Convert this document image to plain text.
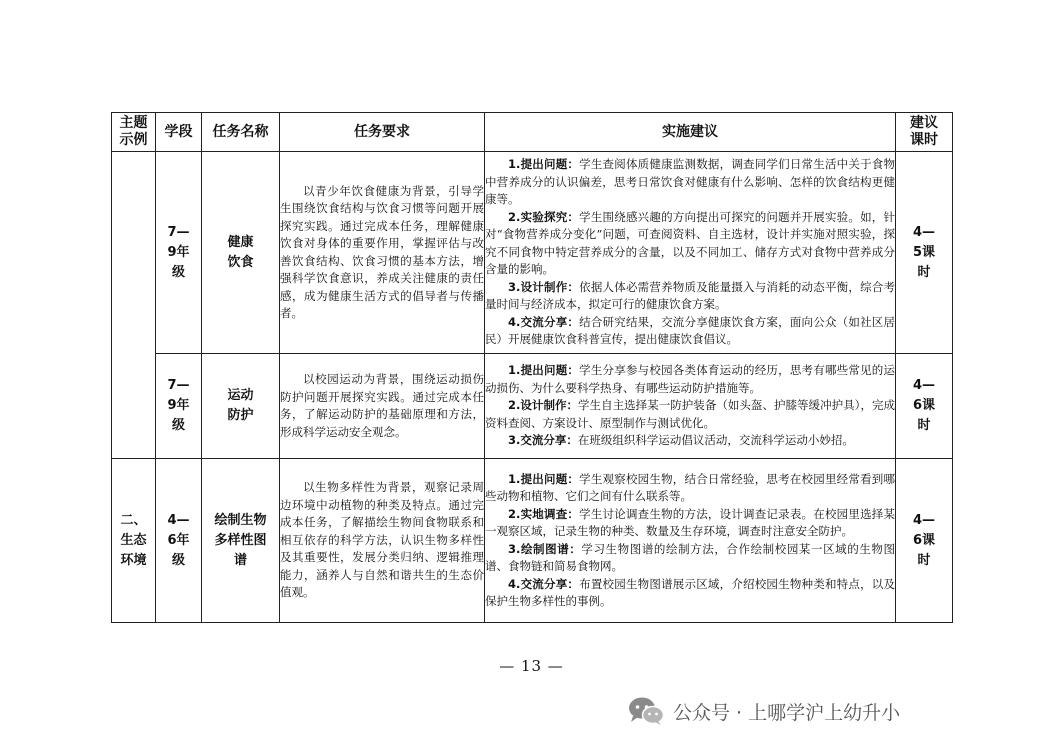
主题示例	学段	任务名称	任务要求	实施建议	建议课时
	7—9年级	健康饮食	以青少年饮食健康为背景，引导学生围绕饮食结构与饮食习惯等问题开展探究实践。通过完成本任务，理解健康饮食对身体的重要作用，掌握评估与改善饮食结构、饮食习惯的基本方法，增强科学饮食意识，养成关注健康的责任感，成为健康生活方式的倡导者与传播者。	1.提出问题：学生查阅体质健康监测数据，调查同学们日常生活中关于食物中营养成分的认识偏差，思考日常饮食对健康有什么影响、怎样的饮食结构更健康等。

2.实验探究：学生围绕感兴趣的方向提出可探究的问题并开展实验。如，针对“食物营养成分变化”问题，可查阅资料、自主选材，设计并实施对照实验，探究不同食物中特定营养成分的含量，以及不同加工、储存方式对食物中营养成分含量的影响。

3.设计制作：依据人体必需营养物质及能量摄入与消耗的动态平衡，综合考量时间与经济成本，拟定可行的健康饮食方案。

4.交流分享：结合研究结果，交流分享健康饮食方案，面向公众（如社区居民）开展健康饮食科普宣传，提出健康饮食倡议。	4—5课时
	7—9年级	运动防护	以校园运动为背景，围绕运动损伤防护问题开展探究实践。通过完成本任务，了解运动防护的基础原理和方法，形成科学运动安全观念。	1.提出问题：学生分享参与校园各类体育运动的经历，思考有哪些常见的运动损伤、为什么要科学热身、有哪些运动防护措施等。

2.设计制作：学生自主选择某一防护装备（如头盔、护膝等缓冲护具），完成资料查阅、方案设计、原型制作与测试优化。

3.交流分享：在班级组织科学运动倡议活动，交流科学运动小妙招。	4—6课时
二、生态环境	4—6年级	绘制生物多样性图谱	以生物多样性为背景，观察记录周边环境中动植物的种类及特点。通过完成本任务，了解描绘生物间食物联系和相互依存的科学方法，认识生物多样性及其重要性，发展分类归纳、逻辑推理能力，涵养人与自然和谐共生的生态价值观。	1.提出问题：学生观察校园生物，结合日常经验，思考在校园里经常看到哪些动物和植物、它们之间有什么联系等。

2.实地调查：学生讨论调查生物的方法，设计调查记录表。在校园里选择某一观察区域，记录生物的种类、数量及生存环境，调查时注意安全防护。

3.绘制图谱：学习生物图谱的绘制方法，合作绘制校园某一区域的生物图谱、食物链和简易食物网。

4.交流分享：布置校园生物图谱展示区域，介绍校园生物种类和特点，以及保护生物多样性的事例。	4—6课时
— 13 —
公众号 · 上哪学沪上幼升小
